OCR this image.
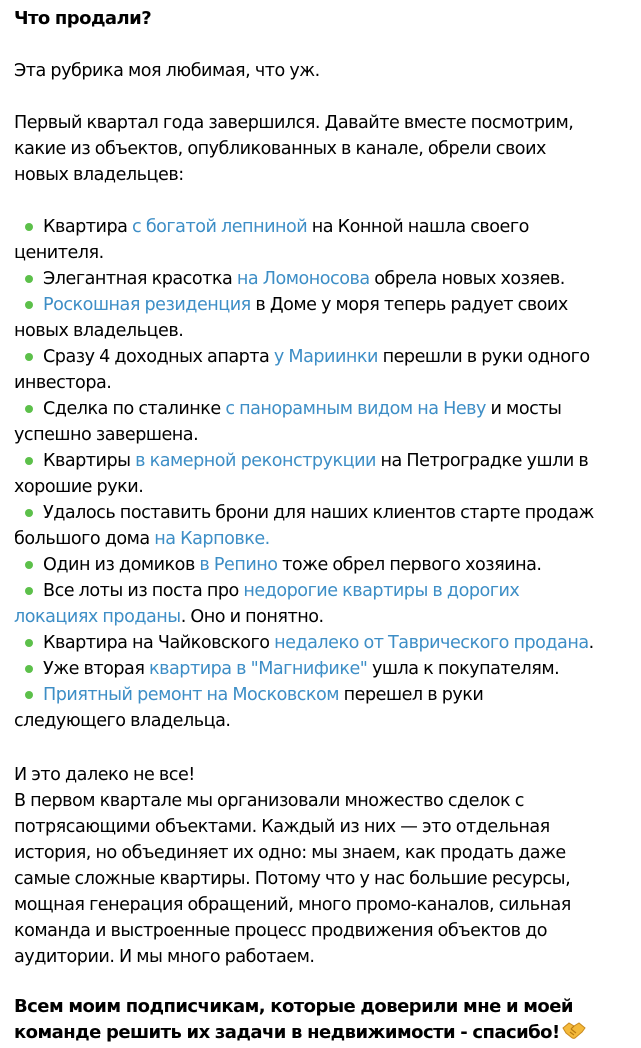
Что продали?
Эта рубрика моя любимая, что уж.
Первый квартал года завершился. Давайте вместе посмотрим,
какие из объектов, опубликованных в канале, обрели своих
новых владельцев:
Квартира с богатой лепниной на Конной нашла своего
ценителя.
Элегантная красотка на Ломоносова обрела новых хозяев.
Роскошная резиденция в Доме у моря теперь радует своих
новых владельцев.
Сразу 4 доходных апарта у Мариинки перешли в руки одного
инвестора.
Сделка по сталинке с панорамным видом на Неву и мосты
успешно завершена.
Квартиры в камерной реконструкции на Петроградке ушли в
хорошие руки.
Удалось поставить брони для наших клиентов старте продаж
большого дома на Карповке.
Один из домиков в Репино тоже обрел первого хозяина.
Все лоты из поста про недорогие квартиры в дорогих
локациях проданы. Оно и понятно.
Квартира на Чайковского недалеко от Таврического продана.
Уже вторая квартира в "Магнифике" ушла к покупателям.
Приятный ремонт на Московском перешел в руки
следующего владельца.
И это далеко не все!
В первом квартале мы организовали множество сделок с
потрясающими объектами. Каждый из них — это отдельная
история, но объединяет их одно: мы знаем, как продать даже
самые сложные квартиры. Потому что у нас большие ресурсы,
мощная генерация обращений, много промо-каналов, сильная
команда и выстроенные процесс продвижения объектов до
аудитории. И мы много работаем.
Всем моим подписчикам, которые доверили мне и моей
команде решить их задачи в недвижимости - спасибо!
